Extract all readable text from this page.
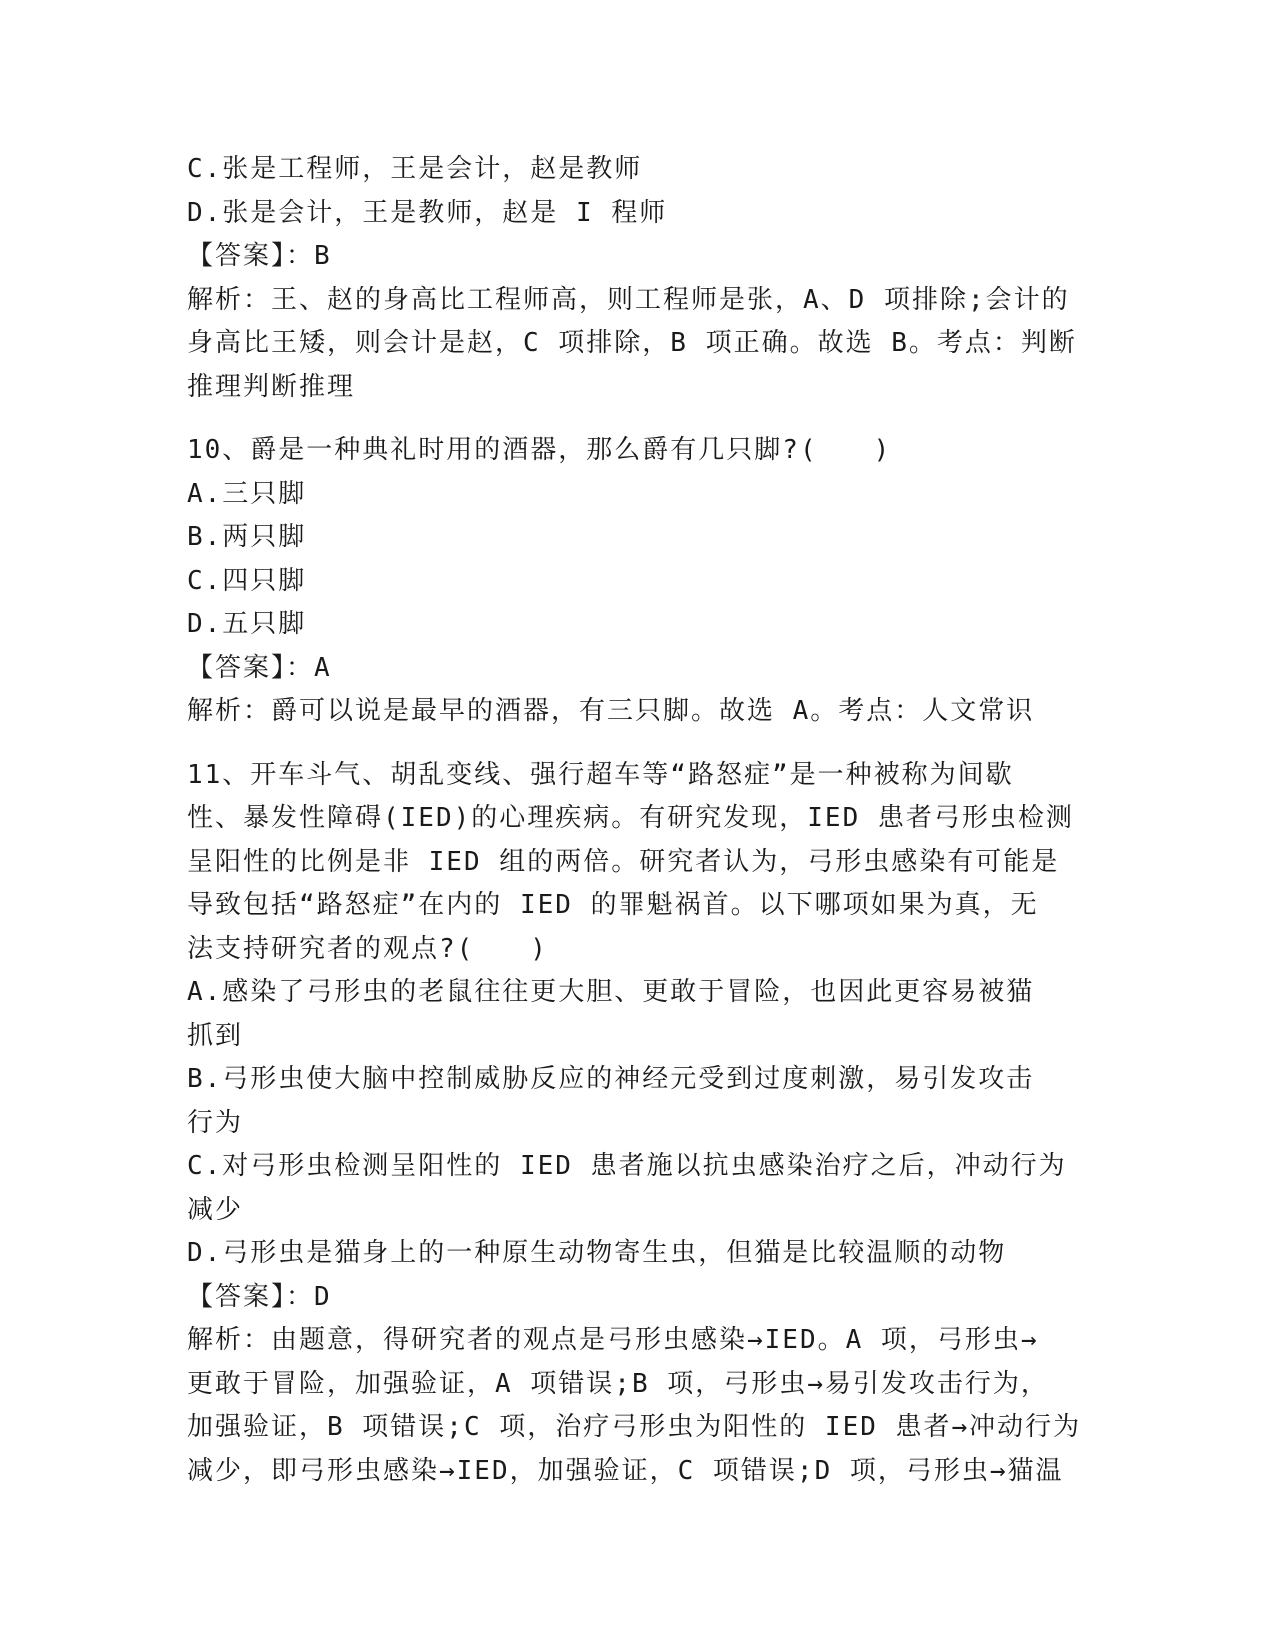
C.张是工程师，王是会计，赵是教师
D.张是会计，王是教师，赵是 I 程师
【答案】：B
解析：王、赵的身高比工程师高，则工程师是张，A、D 项排除;会计的
身高比王矮，则会计是赵，C 项排除，B 项正确。故选 B。考点：判断
推理判断推理
10、爵是一种典礼时用的酒器，那么爵有几只脚?(　　)
A.三只脚
B.两只脚
C.四只脚
D.五只脚
【答案】：A
解析：爵可以说是最早的酒器，有三只脚。故选 A。考点：人文常识
11、开车斗气、胡乱变线、强行超车等“路怒症”是一种被称为间歇
性、暴发性障碍(IED)的心理疾病。有研究发现，IED 患者弓形虫检测
呈阳性的比例是非 IED 组的两倍。研究者认为，弓形虫感染有可能是
导致包括“路怒症”在内的 IED 的罪魁祸首。以下哪项如果为真，无
法支持研究者的观点?(　　)
A.感染了弓形虫的老鼠往往更大胆、更敢于冒险，也因此更容易被猫
抓到
B.弓形虫使大脑中控制威胁反应的神经元受到过度刺激，易引发攻击
行为
C.对弓形虫检测呈阳性的 IED 患者施以抗虫感染治疗之后，冲动行为
减少
D.弓形虫是猫身上的一种原生动物寄生虫，但猫是比较温顺的动物
【答案】：D
解析：由题意，得研究者的观点是弓形虫感染→IED。A 项，弓形虫→
更敢于冒险，加强验证，A 项错误;B 项，弓形虫→易引发攻击行为，
加强验证，B 项错误;C 项，治疗弓形虫为阳性的 IED 患者→冲动行为
减少，即弓形虫感染→IED，加强验证，C 项错误;D 项，弓形虫→猫温
